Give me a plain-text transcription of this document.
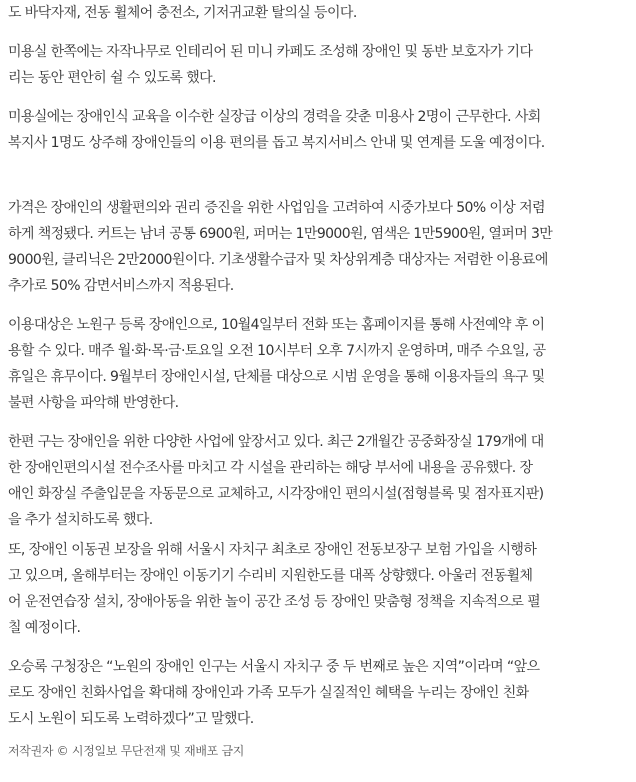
도 바닥자재, 전동 휠체어 충전소, 기저귀교환 탈의실 등이다.

미용실 한쪽에는 자작나무로 인테리어 된 미니 카페도 조성해 장애인 및 동반 보호자가 기다
리는 동안 편안히 쉴 수 있도록 했다.

미용실에는 장애인식 교육을 이수한 실장급 이상의 경력을 갖춘 미용사 2명이 근무한다. 사회
복지사 1명도 상주해 장애인들의 이용 편의를 돕고 복지서비스 안내 및 연계를 도울 예정이다.

가격은 장애인의 생활편의와 권리 증진을 위한 사업임을 고려하여 시중가보다 50% 이상 저렴
하게 책정됐다. 커트는 남녀 공통 6900원, 퍼머는 1만9000원, 염색은 1만5900원, 열퍼머 3만
9000원, 클리닉은 2만2000원이다. 기초생활수급자 및 차상위계층 대상자는 저렴한 이용료에
추가로 50% 감면서비스까지 적용된다.

이용대상은 노원구 등록 장애인으로, 10월4일부터 전화 또는 홈페이지를 통해 사전예약 후 이
용할 수 있다. 매주 월·화·목·금·토요일 오전 10시부터 오후 7시까지 운영하며, 매주 수요일, 공
휴일은 휴무이다. 9월부터 장애인시설, 단체를 대상으로 시범 운영을 통해 이용자들의 욕구 및
불편 사항을 파악해 반영한다.

한편 구는 장애인을 위한 다양한 사업에 앞장서고 있다. 최근 2개월간 공중화장실 179개에 대
한 장애인편의시설 전수조사를 마치고 각 시설을 관리하는 해당 부서에 내용을 공유했다. 장
애인 화장실 주출입문을 자동문으로 교체하고, 시각장애인 편의시설(점형블록 및 점자표지판)
을 추가 설치하도록 했다.

또, 장애인 이동권 보장을 위해 서울시 자치구 최초로 장애인 전동보장구 보험 가입을 시행하
고 있으며, 올해부터는 장애인 이동기기 수리비 지원한도를 대폭 상향했다. 아울러 전동휠체
어 운전연습장 설치, 장애아동을 위한 놀이 공간 조성 등 장애인 맞춤형 정책을 지속적으로 펼
칠 예정이다.

오승록 구청장은 “노원의 장애인 인구는 서울시 자치구 중 두 번째로 높은 지역”이라며 “앞으
로도 장애인 친화사업을 확대해 장애인과 가족 모두가 실질적인 혜택을 누리는 장애인 친화
도시 노원이 되도록 노력하겠다”고 말했다.

저작권자 © 시정일보 무단전재 및 재배포 금지
